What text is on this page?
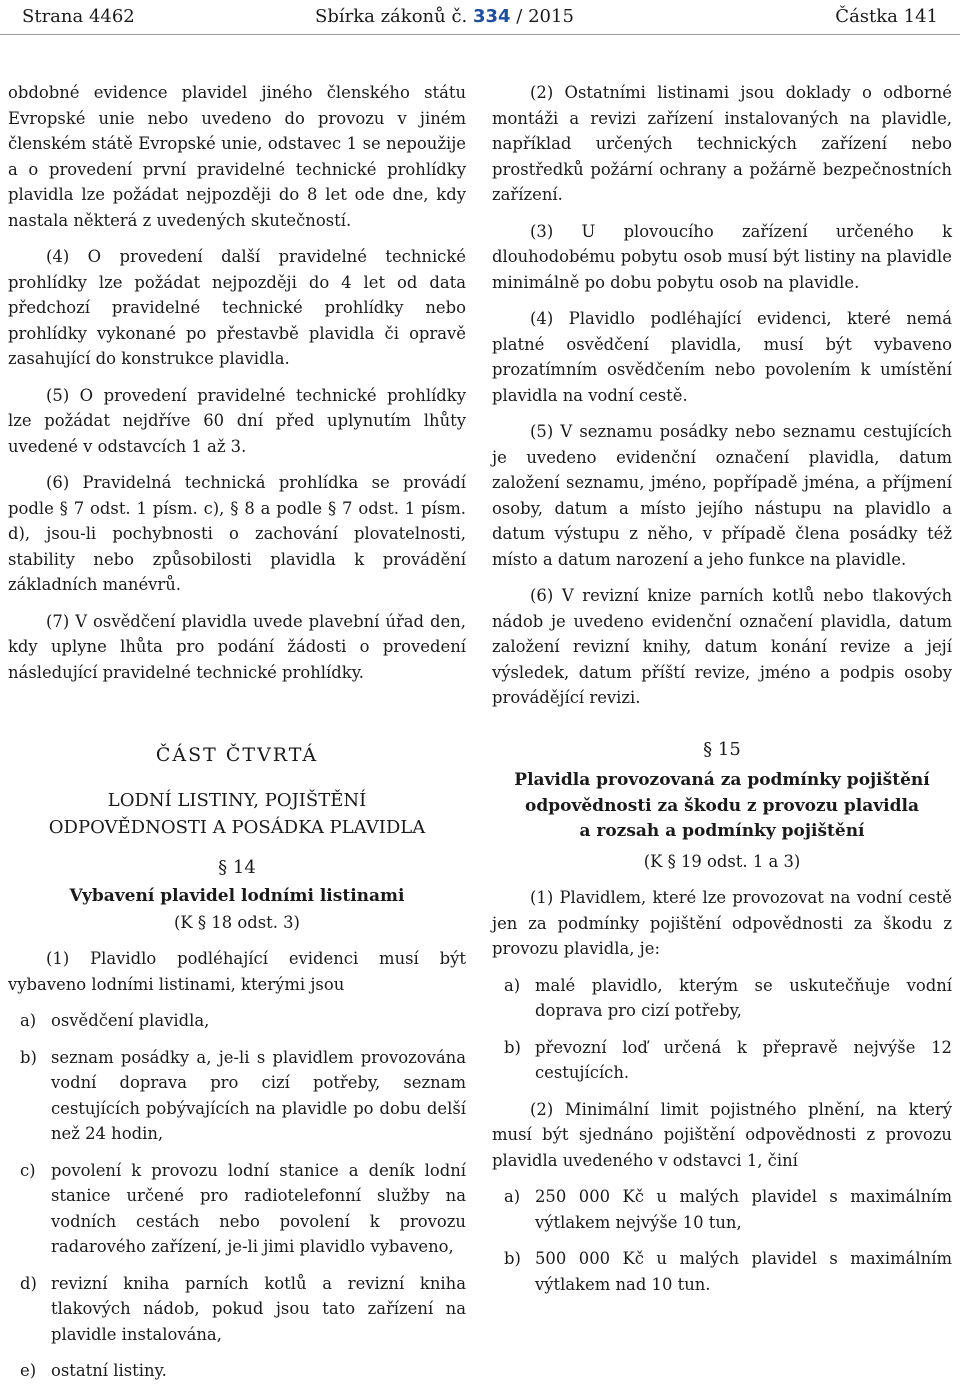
Strana 4462	Sbírka zákonů č. 334 / 2015	Částka 141

obdobné evidence plavidel jiného členského státu Evropské unie nebo uvedeno do provozu v jiném členském státě Evropské unie, odstavec 1 se nepoužije a o provedení první pravidelné technické prohlídky plavidla lze požádat nejpozději do 8 let ode dne, kdy nastala některá z uvedených skutečností.

(4) O provedení další pravidelné technické prohlídky lze požádat nejpozději do 4 let od data předchozí pravidelné technické prohlídky nebo prohlídky vykonané po přestavbě plavidla či opravě zasahující do konstrukce plavidla.

(5) O provedení pravidelné technické prohlídky lze požádat nejdříve 60 dní před uplynutím lhůty uvedené v odstavcích 1 až 3.

(6) Pravidelná technická prohlídka se provádí podle § 7 odst. 1 písm. c), § 8 a podle § 7 odst. 1 písm. d), jsou-li pochybnosti o zachování plovatelnosti, stability nebo způsobilosti plavidla k provádění základních manévrů.

(7) V osvědčení plavidla uvede plavební úřad den, kdy uplyne lhůta pro podání žádosti o provedení následující pravidelné technické prohlídky.

ČÁST ČTVRTÁ

LODNÍ LISTINY, POJIŠTĚNÍ
ODPOVĚDNOSTI A POSÁDKA PLAVIDLA

§ 14

Vybavení plavidel lodními listinami

(K § 18 odst. 3)

(1) Plavidlo podléhající evidenci musí být vybaveno lodními listinami, kterými jsou

a) osvědčení plavidla,
b) seznam posádky a, je-li s plavidlem provozována vodní doprava pro cizí potřeby, seznam cestujících pobývajících na plavidle po dobu delší než 24 hodin,
c) povolení k provozu lodní stanice a deník lodní stanice určené pro radiotelefonní služby na vodních cestách nebo povolení k provozu radarového zařízení, je-li jimi plavidlo vybaveno,
d) revizní kniha parních kotlů a revizní kniha tlakových nádob, pokud jsou tato zařízení na plavidle instalována,
e) ostatní listiny.

(2) Ostatními listinami jsou doklady o odborné montáži a revizi zařízení instalovaných na plavidle, například určených technických zařízení nebo prostředků požární ochrany a požárně bezpečnostních zařízení.

(3) U plovoucího zařízení určeného k dlouhodobému pobytu osob musí být listiny na plavidle minimálně po dobu pobytu osob na plavidle.

(4) Plavidlo podléhající evidenci, které nemá platné osvědčení plavidla, musí být vybaveno prozatímním osvědčením nebo povolením k umístění plavidla na vodní cestě.

(5) V seznamu posádky nebo seznamu cestujících je uvedeno evidenční označení plavidla, datum založení seznamu, jméno, popřípadě jména, a příjmení osoby, datum a místo jejího nástupu na plavidlo a datum výstupu z něho, v případě člena posádky též místo a datum narození a jeho funkce na plavidle.

(6) V revizní knize parních kotlů nebo tlakových nádob je uvedeno evidenční označení plavidla, datum založení revizní knihy, datum konání revize a její výsledek, datum příští revize, jméno a podpis osoby provádějící revizi.

§ 15

Plavidla provozovaná za podmínky pojištění
odpovědnosti za škodu z provozu plavidla
a rozsah a podmínky pojištění

(K § 19 odst. 1 a 3)

(1) Plavidlem, které lze provozovat na vodní cestě jen za podmínky pojištění odpovědnosti za škodu z provozu plavidla, je:

a) malé plavidlo, kterým se uskutečňuje vodní doprava pro cizí potřeby,
b) převozní loď určená k přepravě nejvýše 12 cestujících.

(2) Minimální limit pojistného plnění, na který musí být sjednáno pojištění odpovědnosti z provozu plavidla uvedeného v odstavci 1, činí

a) 250 000 Kč u malých plavidel s maximálním výtlakem nejvýše 10 tun,
b) 500 000 Kč u malých plavidel s maximálním výtlakem nad 10 tun.
